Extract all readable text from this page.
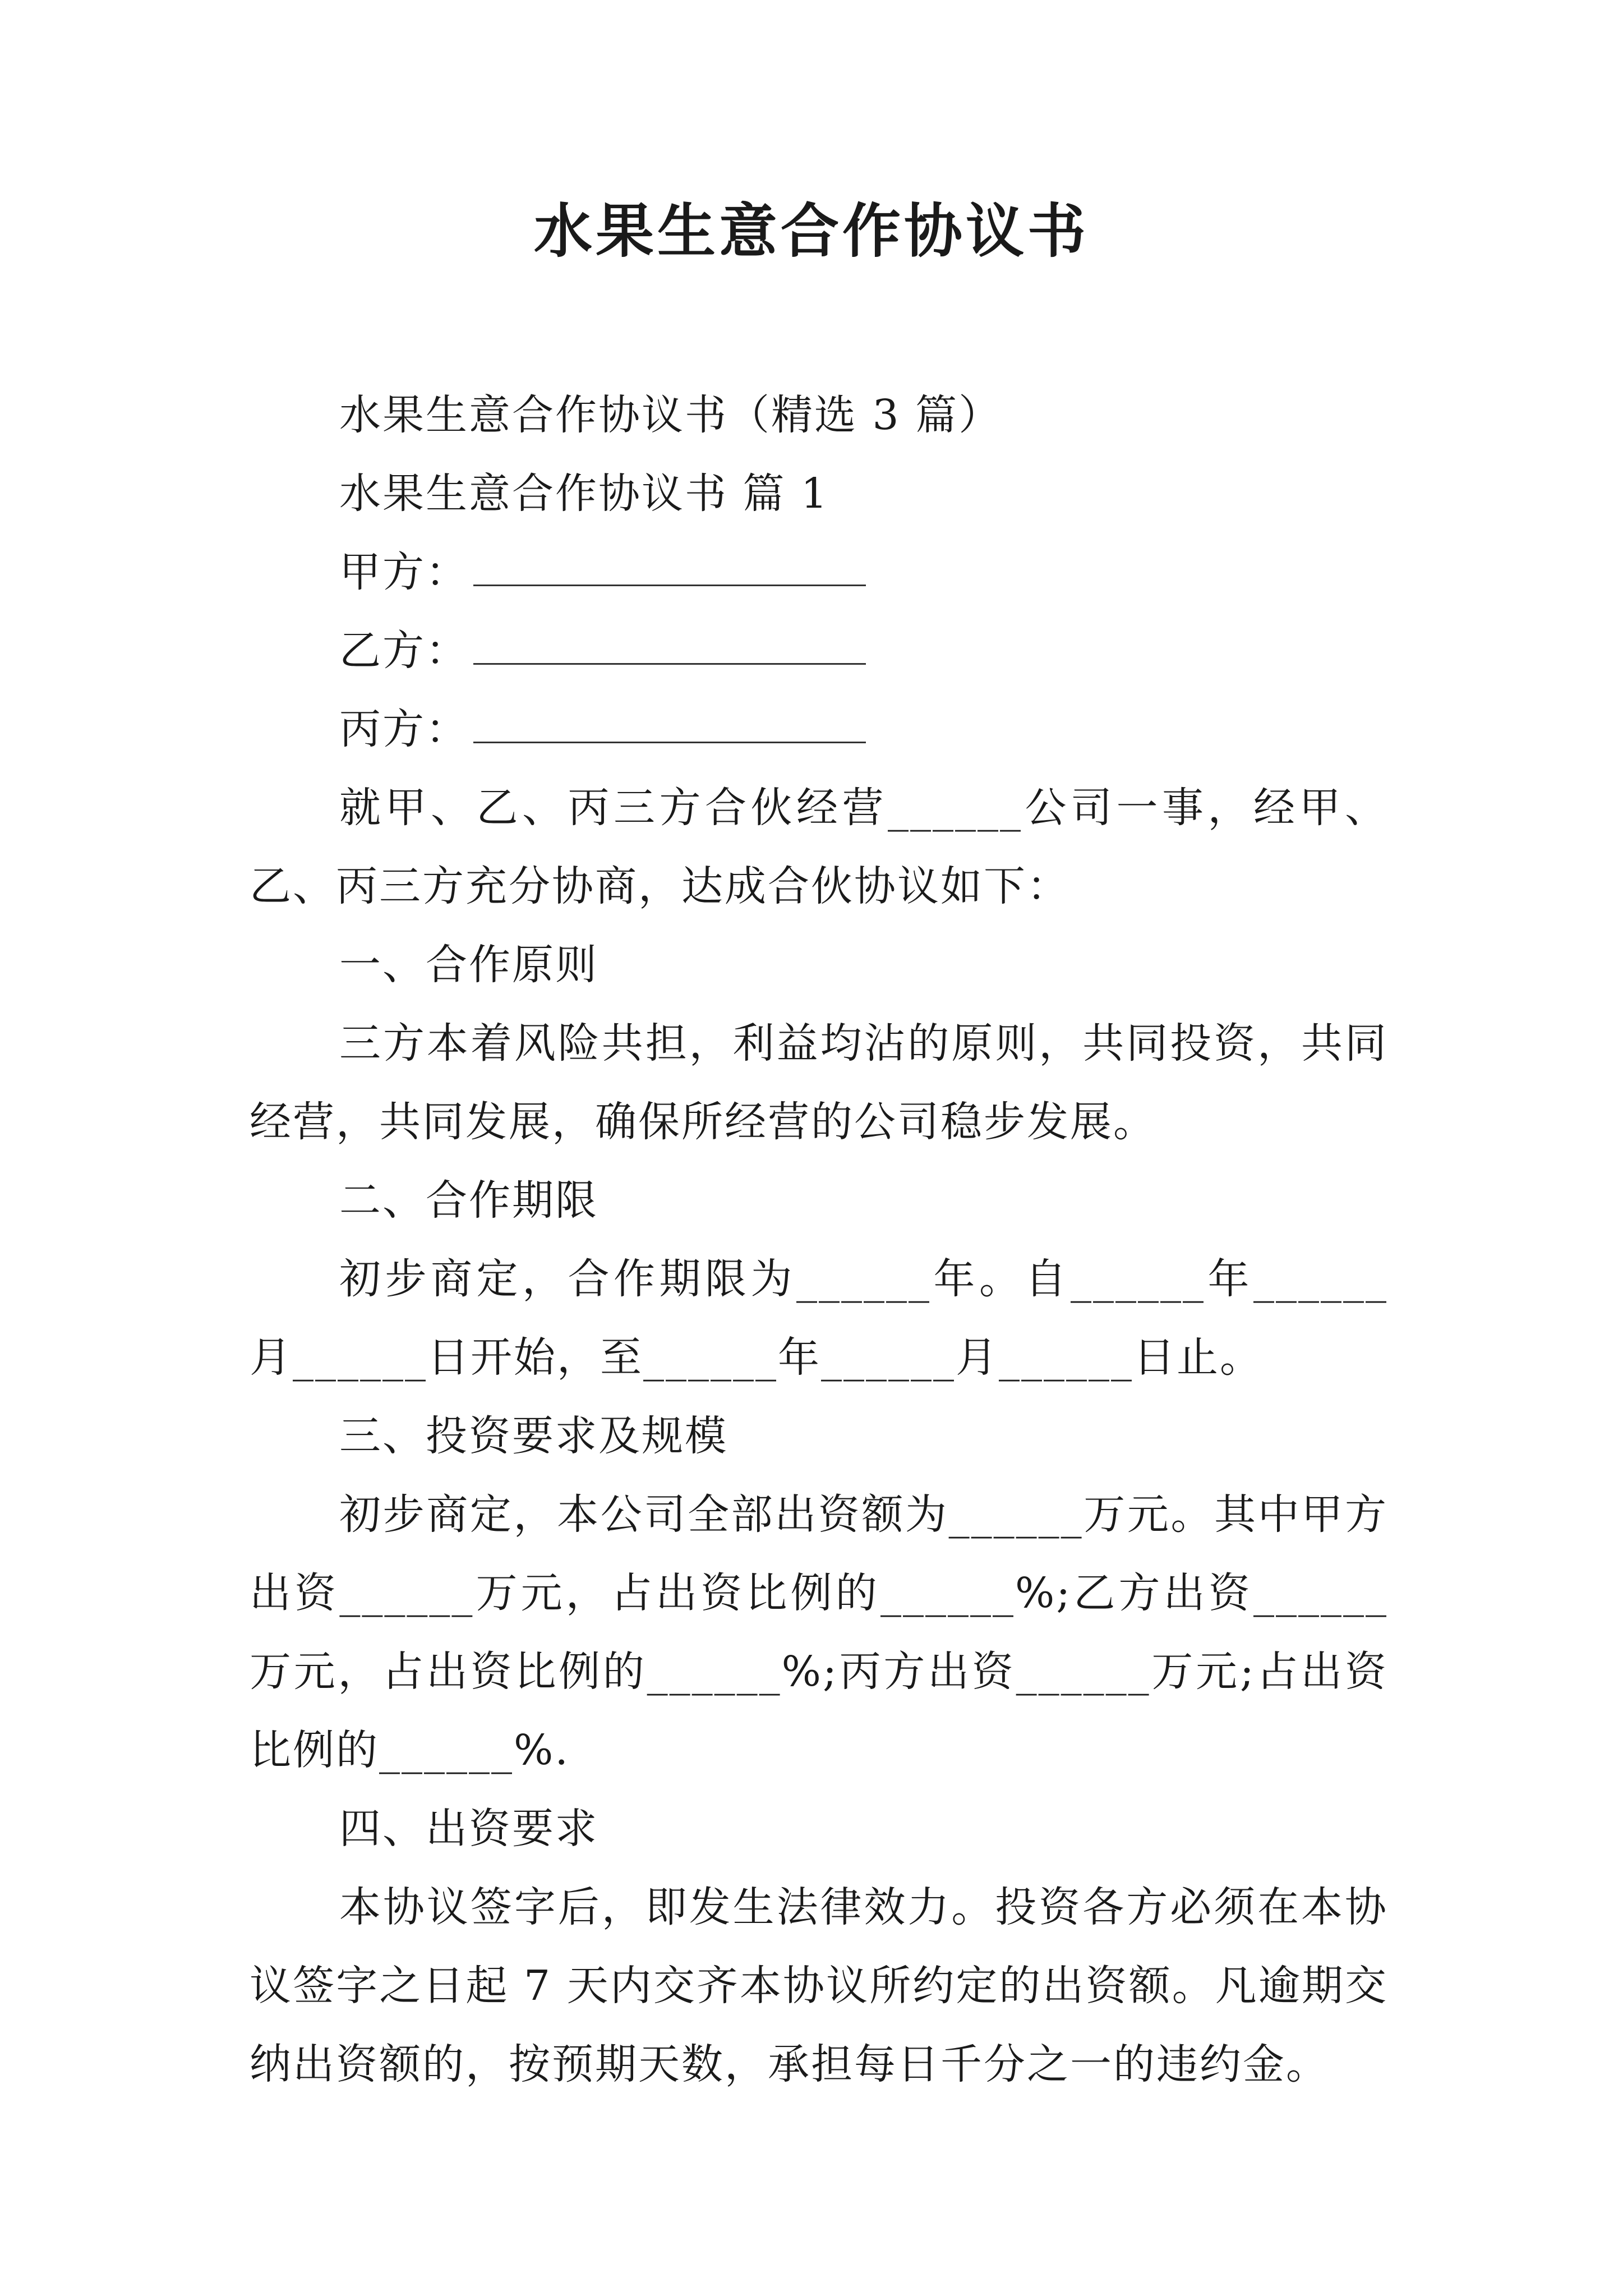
水果生意合作协议书

水果生意合作协议书（精选 3 篇）

水果生意合作协议书 篇 1

甲方：

乙方：

丙方：

就甲、乙、丙三方合伙经营______公司一事，经甲、乙、丙三方充分协商，达成合伙协议如下：

一、合作原则

三方本着风险共担，利益均沾的原则，共同投资，共同经营，共同发展，确保所经营的公司稳步发展。

二、合作期限

初步商定，合作期限为______年。自______年______月______日开始，至______年______月______日止。

三、投资要求及规模

初步商定，本公司全部出资额为______万元。其中甲方出资______万元，占出资比例的______%;乙方出资______万元，占出资比例的______%;丙方出资______万元;占出资比例的______%.

四、出资要求

本协议签字后，即发生法律效力。投资各方必须在本协议签字之日起 7 天内交齐本协议所约定的出资额。凡逾期交纳出资额的，按预期天数，承担每日千分之一的违约金。
